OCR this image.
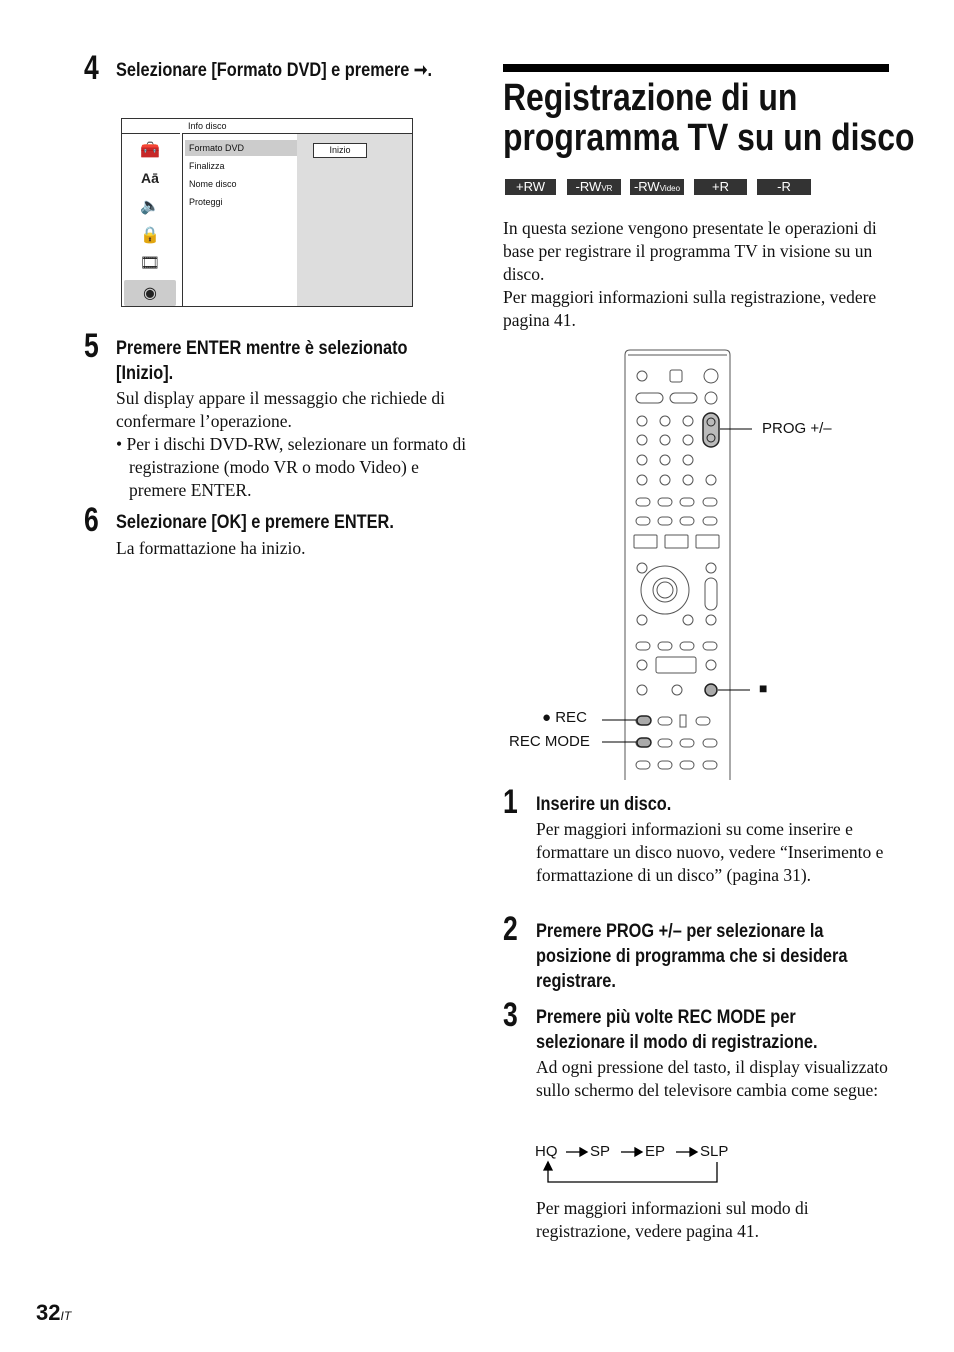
4 Selezionare [Formato DVD] e premere ➞.
Info disco
🧰
Aā
🔈
🔒
🎞
◉
Formato DVD
Finalizza
Nome disco
Proteggi
Inizio
5 Premere ENTER mentre è selezionato
[Inizio].

Sul display appare il messaggio che richiede di confermare l’operazione.

• Per i dischi DVD-RW, selezionare un formato di registrazione (modo VR o modo Video) e premere ENTER.

6 Selezionare [OK] e premere ENTER.
La formattazione ha inizio.
Registrazione di un
programma TV su un disco
+RW	-RWVR	-RWVideo	+R	-R

In questa sezione vengono presentate le operazioni di base per registrare il programma TV in visione su un disco.

Per maggiori informazioni sulla registrazione, vedere pagina 41.

PROG +/–
■
● REC
REC MODE
1 Inserire un disco.
Per maggiori informazioni su come inserire e formattare un disco nuovo, vedere “Inserimento e formattazione di un disco” (pagina 31).
2 Premere PROG +/– per selezionare la
posizione di programma che si desidera
registrare.
3 Premere più volte REC MODE per
selezionare il modo di registrazione.
Ad ogni pressione del tasto, il display visualizzato sullo schermo del televisore cambia come segue:
HQ SP EP SLP
Per maggiori informazioni sul modo di registrazione, vedere pagina 41.
32IT
